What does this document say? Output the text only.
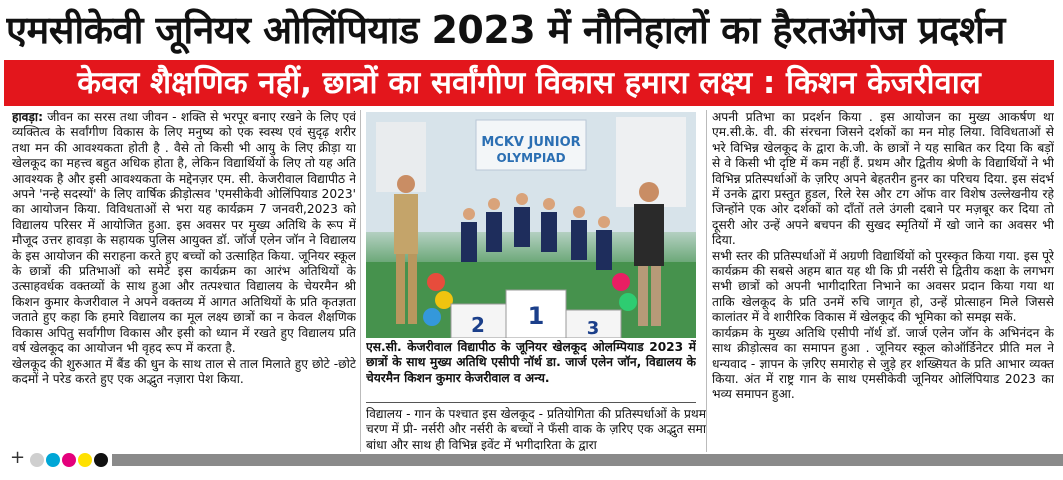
एमसीकेवी जूनियर ओलिंपियाड 2023 में नौनिहालों का हैरतअंगेज प्रदर्शन
केवल शैक्षणिक नहीं, छात्रों का सर्वांगीण विकास हमारा लक्ष्य : किशन केजरीवाल

हावड़ा: जीवन का सरस तथा जीवन - शक्ति से भरपूर बनाए रखने के लिए एवं व्यक्तित्व के सर्वांगीण विकास के लिए मनुष्य को एक स्वस्थ एवं सुदृढ़ शरीर तथा मन की आवश्यकता होती है . वैसे तो किसी भी आयु के लिए क्रीड़ा या खेलकूद का महत्त्व बहुत अधिक होता है, लेकिन विद्यार्थियों के लिए तो यह अति आवश्यक है और इसी आवश्यकता के मद्देनज़र एम. सी. केजरीवाल विद्यापीठ ने अपने 'नन्हे सदस्यों' के लिए वार्षिक क्रीड़ोत्सव 'एमसीकेवी ओलिंपियाड 2023' का आयोजन किया. विविधताओं से भरा यह कार्यक्रम 7 जनवरी,2023 को विद्यालय परिसर में आयोजित हुआ. इस अवसर पर मुख्य अतिथि के रूप में मौजूद उत्तर हावड़ा के सहायक पुलिस आयुक्त डॉ. जॉर्ज एलेन जॉन ने विद्यालय के इस आयोजन की सराहना करते हुए बच्चों को उत्साहित किया. जूनियर स्कूल के छात्रों की प्रतिभाओं को समेटे इस कार्यक्रम का आरंभ अतिथियों के उत्साहवर्धक वक्तव्यों के साथ हुआ और तत्पश्चात विद्यालय के चेयरमैन श्री किशन कुमार केजरीवाल ने अपने वक्तव्य में आगत अतिथियों के प्रति कृतज्ञता जताते हुए कहा कि हमारे विद्यालय का मूल लक्ष्य छात्रों का न केवल शैक्षणिक विकास अपितु सर्वांगीण विकास और इसी को ध्यान में रखते हुए विद्यालय प्रति वर्ष खेलकूद का आयोजन भी वृहद रूप में करता है.

खेलकूद की शुरुआत में बैंड की धुन के साथ ताल से ताल मिलाते हुए छोटे -छोटे कदमों ने परेड करते हुए एक अद्भुत नज़ारा पेश किया.

MCKV JUNIOR
OLYMPIAD
2 1 3
एस.सी. केजरीवाल विद्यापीठ के जूनियर खेलकूद ओलम्पियाड 2023 में छात्रों के साथ मुख्य अतिथि एसीपी नॉर्थ डा. जार्ज एलेन जॉन, विद्यालय के चेयरमैन किशन कुमार केजरीवाल व अन्य.

विद्यालय - गान के पश्चात इस खेलकूद - प्रतियोगिता की प्रतिस्पर्धाओं के प्रथम चरण में प्री- नर्सरी और नर्सरी के बच्चों ने फँसी वाक के ज़रिए एक अद्भुत समा बांधा और साथ ही विभिन्न इवेंट में भगीदारिता के द्वारा

अपनी प्रतिभा का प्रदर्शन किया . इस आयोजन का मुख्य आकर्षण था एम.सी.के. वी. की संरचना जिसने दर्शकों का मन मोह लिया. विविधताओं से भरे विभिन्न खेलकूद के द्वारा के.जी. के छात्रों ने यह साबित कर दिया कि बड़ों से वे किसी भी दृष्टि में कम नहीं हैं. प्रथम और द्वितीय श्रेणी के विद्यार्थियों ने भी विभिन्न प्रतिस्पर्धाओं के ज़रिए अपने बेहतरीन हुनर का परिचय दिया. इस संदर्भ में उनके द्वारा प्रस्तुत हुडल, रिले रेस और टग ऑफ वार विशेष उल्लेखनीय रहे जिन्होंने एक ओर दर्शकों को दाँतों तले उंगली दबाने पर मज़बूर कर दिया तो दूसरी ओर उन्हें अपने बचपन की सुखद स्मृतियों में खो जाने का अवसर भी दिया.

सभी स्तर की प्रतिस्पर्धाओं में अग्रणी विद्यार्थियों को पुरस्कृत किया गया. इस पूरे कार्यक्रम की सबसे अहम बात यह थी कि प्री नर्सरी से द्वितीय कक्षा के लगभग सभी छात्रों को अपनी भागीदारिता निभाने का अवसर प्रदान किया गया था ताकि खेलकूद के प्रति उनमें रुचि जागृत हो, उन्हें प्रोत्साहन मिले जिससे कालांतर में वे शारीरिक विकास में खेलकूद की भूमिका को समझ सकें.

कार्यक्रम के मुख्य अतिथि एसीपी नॉर्थ डॉ. जार्ज एलेन जॉन के अभिनंदन के साथ क्रीड़ोत्सव का समापन हुआ . जूनियर स्कूल कोऑर्डिनेटर प्रीति मल ने धन्यवाद - ज्ञापन के ज़रिए समारोह से जुड़े हर शख्सियत के प्रति आभार व्यक्त किया. अंत में राष्ट्र गान के साथ एमसीकेवी जूनियर ओलिंपियाड 2023 का भव्य समापन हुआ.

+
